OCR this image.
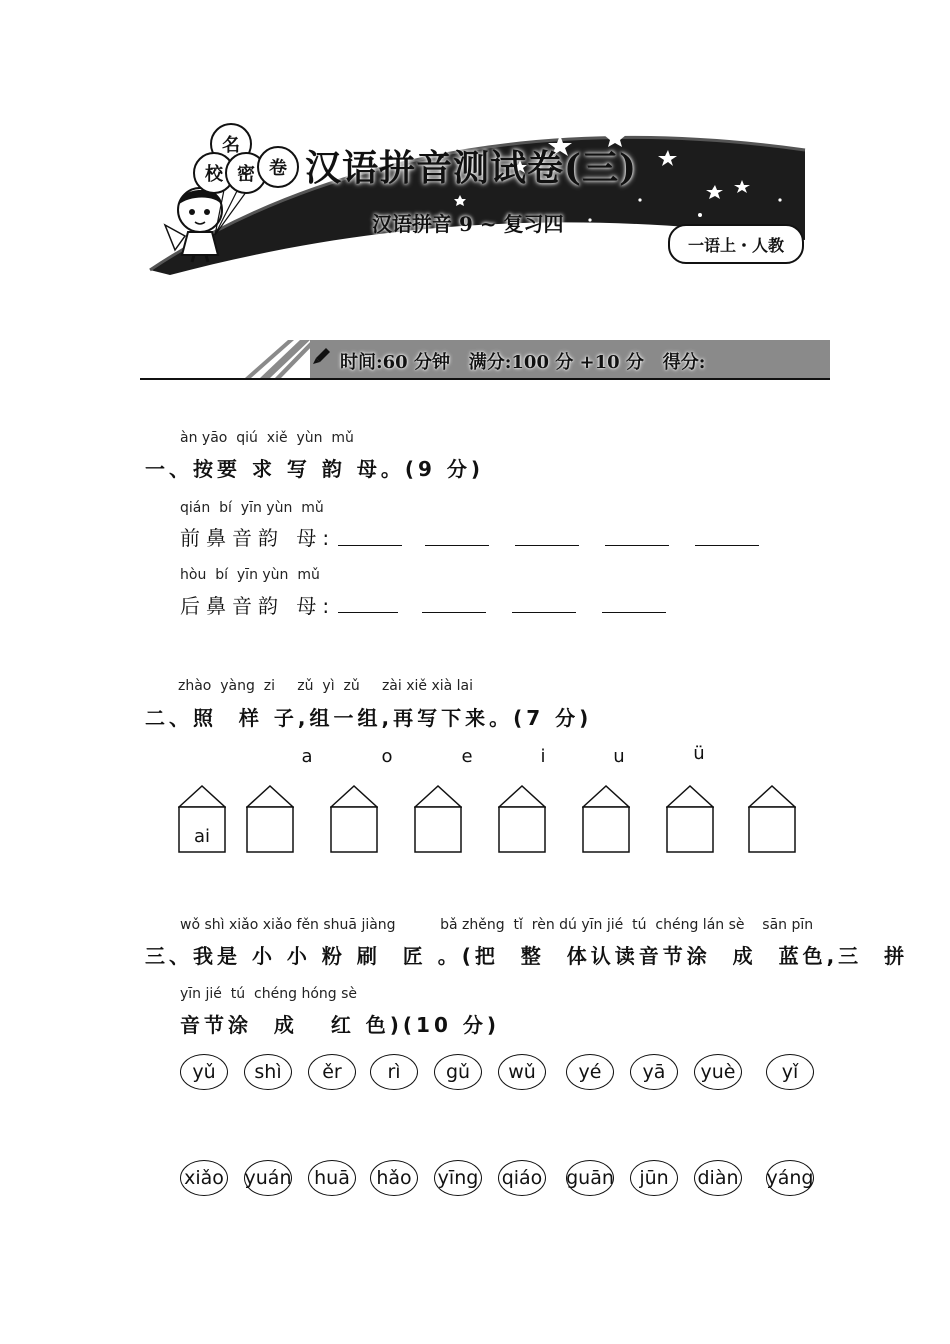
名
校 密 卷 汉语拼音测试卷(三)
汉语拼音 9 ~ 复习四
一语上・人教
时间:60 分钟   满分:100 分 +10 分   得分:
àn yāo  qiú  xiě  yùn  mǔ
一、按要 求 写 韵 母。(9 分)
qián  bí  yīn yùn  mǔ
前鼻音韵 母:
hòu  bí  yīn yùn  mǔ
后鼻音韵 母:
zhào  yàng  zi     zǔ  yì  zǔ     zài xiě xià lai
二、照  样 子,组一组,再写下来。(7 分)
a	o	e	i	u	ü
ai
wǒ shì xiǎo xiǎo fěn shuā jiàng          bǎ zhěng  tǐ  rèn dú yīn jié  tú  chéng lán sè    sān pīn
三、我是 小 小 粉 刷  匠 。(把  整  体认读音节涂  成  蓝色,三  拼
yīn jié  tú  chéng hóng sè
音节涂  成   红 色)(10 分)
yǔ	shì	ěr	rì	gǔ	wǔ	yé	yā	yuè	yǐ
xiǎo yuán	huā	hǎo	yīng qiáo guān	jūn	diàn yáng
